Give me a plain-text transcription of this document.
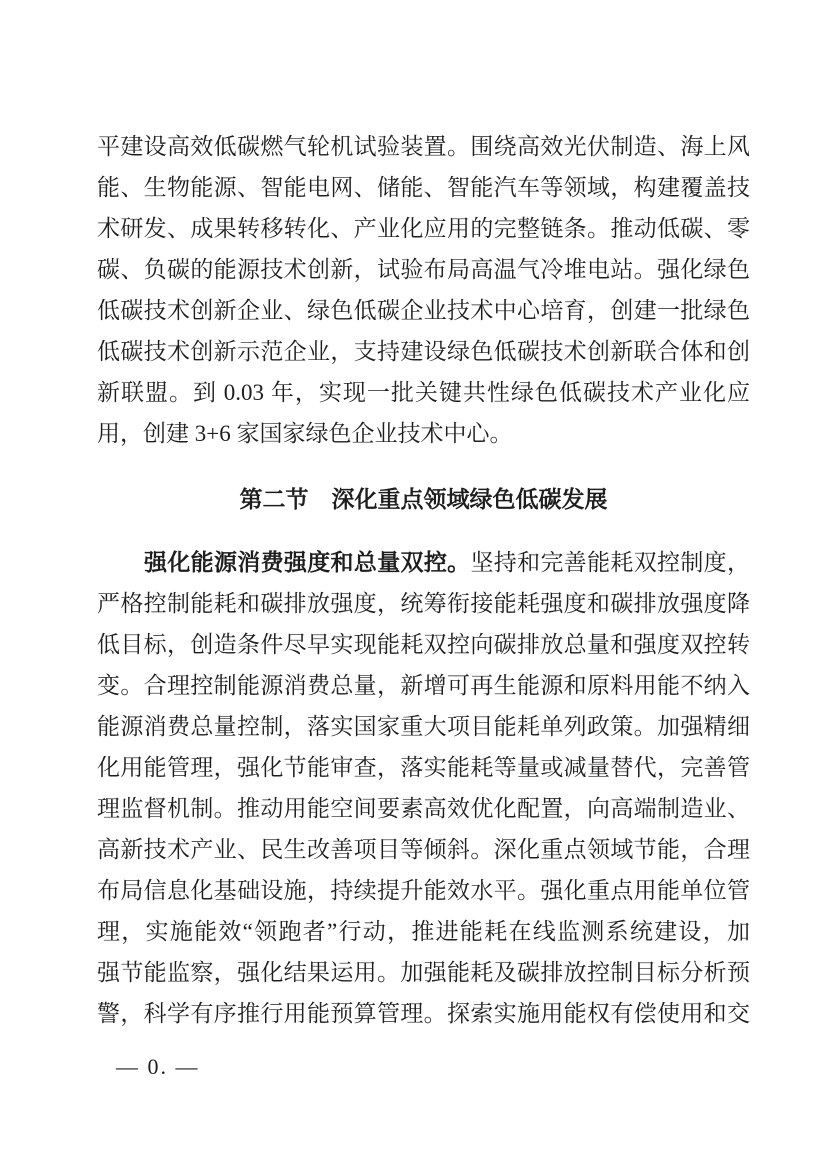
平建设高效低碳燃气轮机试验装置。围绕高效光伏制造、海上风
能、生物能源、智能电网、储能、智能汽车等领域，构建覆盖技
术研发、成果转移转化、产业化应用的完整链条。推动低碳、零
碳、负碳的能源技术创新，试验布局高温气冷堆电站。强化绿色
低碳技术创新企业、绿色低碳企业技术中心培育，创建一批绿色
低碳技术创新示范企业，支持建设绿色低碳技术创新联合体和创
新联盟。到 0.03 年，实现一批关键共性绿色低碳技术产业化应
用，创建 3+6 家国家绿色企业技术中心。
第二节　深化重点领域绿色低碳发展
强化能源消费强度和总量双控。坚持和完善能耗双控制度，
严格控制能耗和碳排放强度，统筹衔接能耗强度和碳排放强度降
低目标，创造条件尽早实现能耗双控向碳排放总量和强度双控转
变。合理控制能源消费总量，新增可再生能源和原料用能不纳入
能源消费总量控制，落实国家重大项目能耗单列政策。加强精细
化用能管理，强化节能审查，落实能耗等量或减量替代，完善管
理监督机制。推动用能空间要素高效优化配置，向高端制造业、
高新技术产业、民生改善项目等倾斜。深化重点领域节能，合理
布局信息化基础设施，持续提升能效水平。强化重点用能单位管
理，实施能效“领跑者”行动，推进能耗在线监测系统建设，加
强节能监察，强化结果运用。加强能耗及碳排放控制目标分析预
警，科学有序推行用能预算管理。探索实施用能权有偿使用和交
— 0. —
